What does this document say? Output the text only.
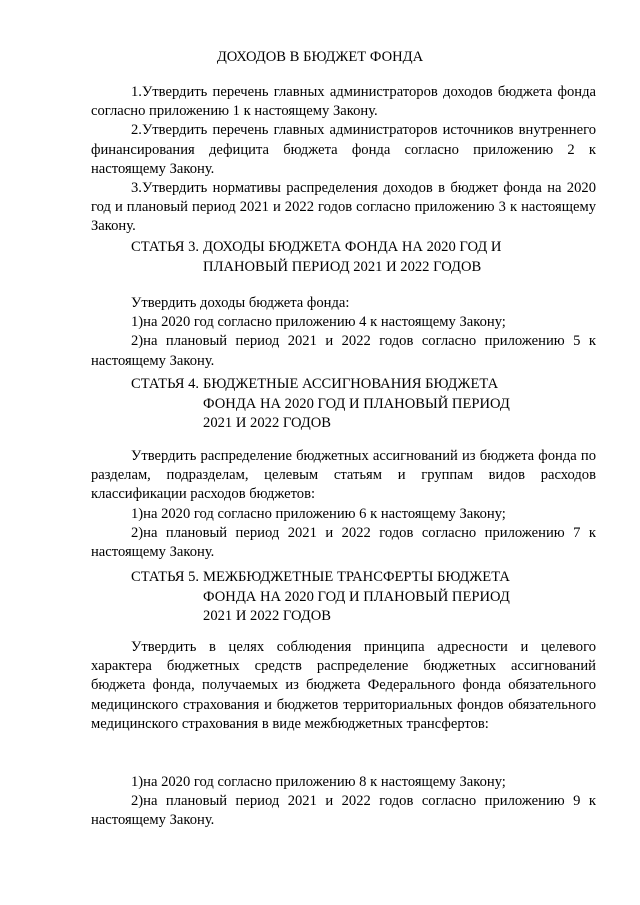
ДОХОДОВ В БЮДЖЕТ ФОНДА

1.Утвердить перечень главных администраторов доходов бюджета фонда согласно приложению 1 к настоящему Закону.

2.Утвердить перечень главных администраторов источников внутреннего финансирования дефицита бюджета фонда согласно приложению 2 к настоящему Закону.

3.Утвердить нормативы распределения доходов в бюджет фонда на 2020 год и плановый период 2021 и 2022 годов согласно приложению 3 к настоящему Закону.

СТАТЬЯ 3. ДОХОДЫ БЮДЖЕТА ФОНДА НА 2020 ГОД И
ПЛАНОВЫЙ ПЕРИОД 2021 И 2022 ГОДОВ

Утвердить доходы бюджета фонда:

1)на 2020 год согласно приложению 4 к настоящему Закону;

2)на плановый период 2021 и 2022 годов согласно приложению 5 к настоящему Закону.

СТАТЬЯ 4. БЮДЖЕТНЫЕ АССИГНОВАНИЯ БЮДЖЕТА
ФОНДА НА 2020 ГОД И ПЛАНОВЫЙ ПЕРИОД
2021 И 2022 ГОДОВ

Утвердить распределение бюджетных ассигнований из бюджета фонда по разделам, подразделам, целевым статьям и группам видов расходов классификации расходов бюджетов:

1)на 2020 год согласно приложению 6 к настоящему Закону;

2)на плановый период 2021 и 2022 годов согласно приложению 7 к настоящему Закону.

СТАТЬЯ 5. МЕЖБЮДЖЕТНЫЕ ТРАНСФЕРТЫ БЮДЖЕТА
ФОНДА НА 2020 ГОД И ПЛАНОВЫЙ ПЕРИОД
2021 И 2022 ГОДОВ

Утвердить в целях соблюдения принципа адресности и целевого характера бюджетных средств распределение бюджетных ассигнований бюджета фонда, получаемых из бюджета Федерального фонда обязательного медицинского страхования и бюджетов территориальных фондов обязательного медицинского страхования в виде межбюджетных трансфертов:

1)на 2020 год согласно приложению 8 к настоящему Закону;

2)на плановый период 2021 и 2022 годов согласно приложению 9 к настоящему Закону.
